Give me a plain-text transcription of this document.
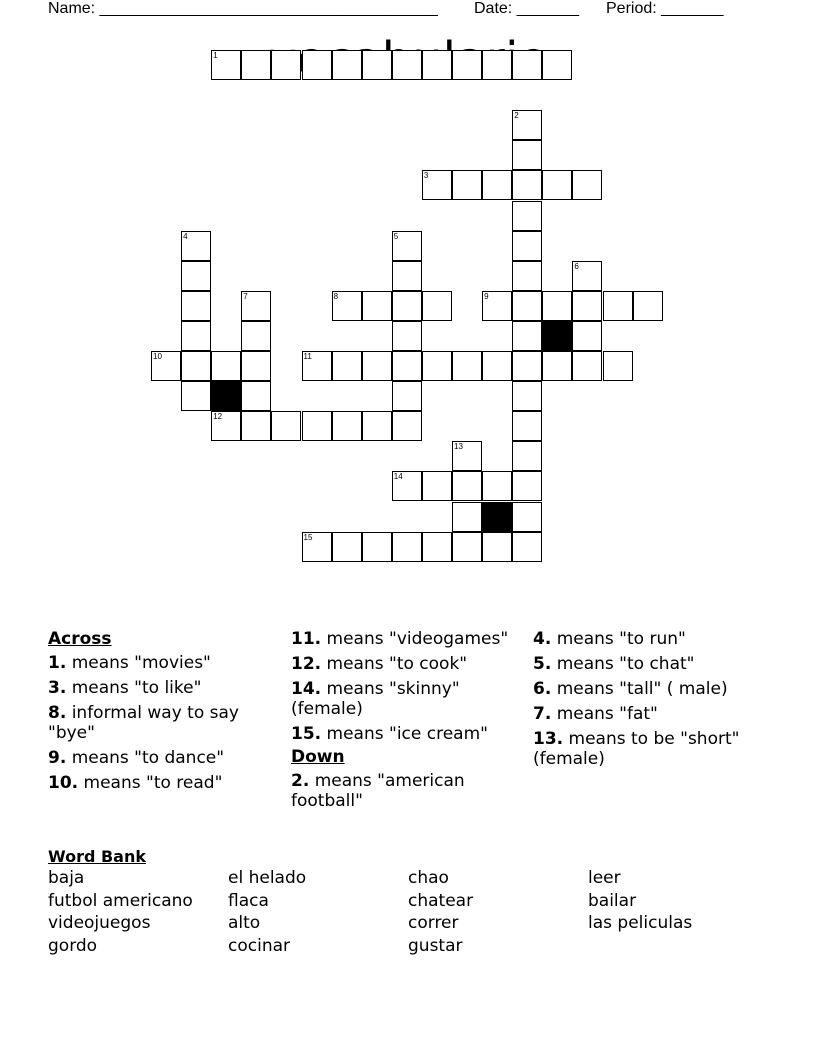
Name: ______________________________________ Date: _______ Period: _______
1
2
3
4	5
6
7	8	9
10	11
12
13
14
15
Across
1. means "movies"
3. means "to like"
8. informal way to say "bye"
9. means "to dance"
10. means "to read"
11. means "videogames"
12. means "to cook"
14. means "skinny" (female)
15. means "ice cream"
Down
2. means "american football"
4. means "to run"
5. means "to chat"
6. means "tall" ( male)
7. means "fat"
13. means to be "short" (female)
Word Bank
baja	el helado	chao	leer
futbol americano	flaca	chatear	bailar
videojuegos	alto	correr	las peliculas
gordo	cocinar	gustar
